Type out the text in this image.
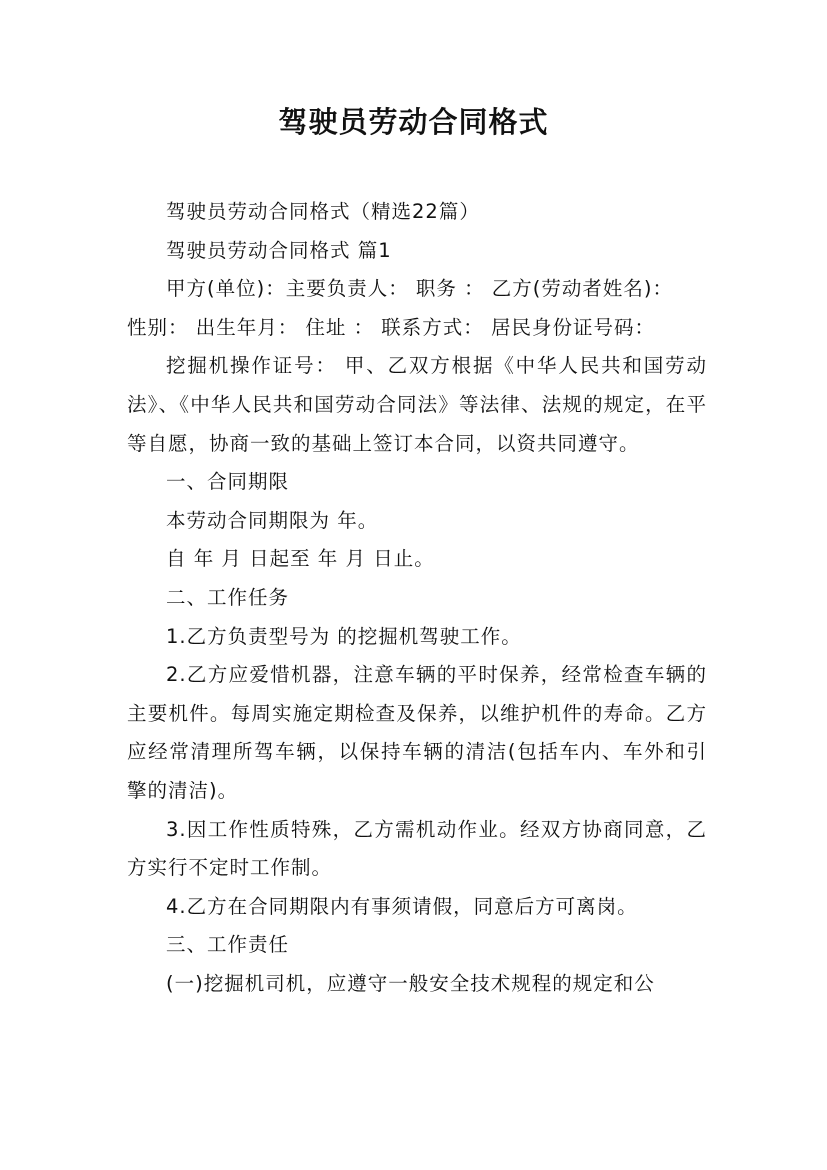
驾驶员劳动合同格式

驾驶员劳动合同格式（精选22篇）

驾驶员劳动合同格式 篇1

甲方(单位)：主要负责人： 职务 ： 乙方(劳动者姓名)：

性别： 出生年月： 住址 ： 联系方式： 居民身份证号码：

挖掘机操作证号： 甲、乙双方根据《中华人民共和国劳动法》、《中华人民共和国劳动合同法》等法律、法规的规定，在平等自愿，协商一致的基础上签订本合同，以资共同遵守。

一、合同期限

本劳动合同期限为 年。

自 年 月 日起至 年 月 日止。

二、工作任务

1.乙方负责型号为 的挖掘机驾驶工作。

2.乙方应爱惜机器，注意车辆的平时保养，经常检查车辆的主要机件。每周实施定期检查及保养，以维护机件的寿命。乙方应经常清理所驾车辆，以保持车辆的清洁(包括车内、车外和引擎的清洁)。

3.因工作性质特殊，乙方需机动作业。经双方协商同意，乙方实行不定时工作制。

4.乙方在合同期限内有事须请假，同意后方可离岗。

三、工作责任

(一)挖掘机司机，应遵守一般安全技术规程的规定和公
